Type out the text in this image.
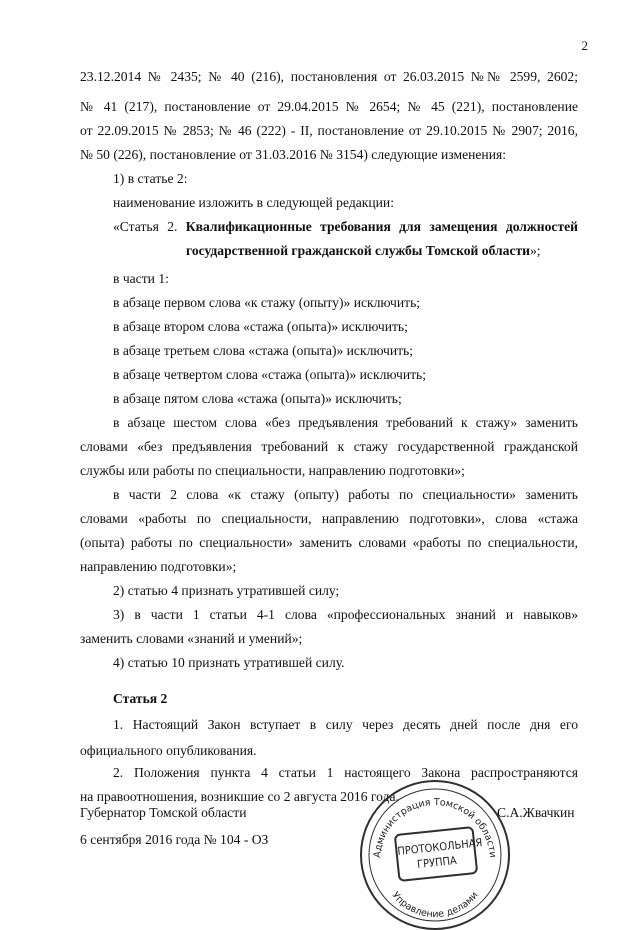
2
23.12.2014 № 2435; № 40 (216), постановления от 26.03.2015 №№ 2599, 2602;
№ 41 (217), постановление от 29.04.2015 № 2654; № 45 (221), постановление
от 22.09.2015 № 2853; № 46 (222) - II, постановление от 29.10.2015 № 2907; 2016,
№ 50 (226), постановление от 31.03.2016 № 3154) следующие изменения:
1) в статье 2:
наименование изложить в следующей редакции:
«Статья 2. Квалификационные требования для замещения должностей
государственной гражданской службы Томской области»;
в части 1:
в абзаце первом слова «к стажу (опыту)» исключить;
в абзаце втором слова «стажа (опыта)» исключить;
в абзаце третьем слова «стажа (опыта)» исключить;
в абзаце четвертом слова «стажа (опыта)» исключить;
в абзаце пятом слова «стажа (опыта)» исключить;
в абзаце шестом слова «без предъявления требований к стажу» заменить
словами «без предъявления требований к стажу государственной гражданской
службы или работы по специальности, направлению подготовки»;
в части 2 слова «к стажу (опыту) работы по специальности» заменить
словами «работы по специальности, направлению подготовки», слова «стажа
(опыта) работы по специальности» заменить словами «работы по специальности,
направлению подготовки»;
2) статью 4 признать утратившей силу;
3) в части 1 статьи 4-1 слова «профессиональных знаний и навыков»
заменить словами «знаний и умений»;
4) статью 10 признать утратившей силу.
Статья 2
1. Настоящий Закон вступает в силу через десять дней после дня его
официального опубликования.
2. Положения пункта 4 статьи 1 настоящего Закона распространяются
на правоотношения, возникшие со 2 августа 2016 года.
Губернатор Томской области	С.А.Жвачкин
6 сентября 2016 года № 104 - ОЗ
Администрация Томской области
Управление делами
ПРОТОКОЛЬНАЯ
ГРУППА
